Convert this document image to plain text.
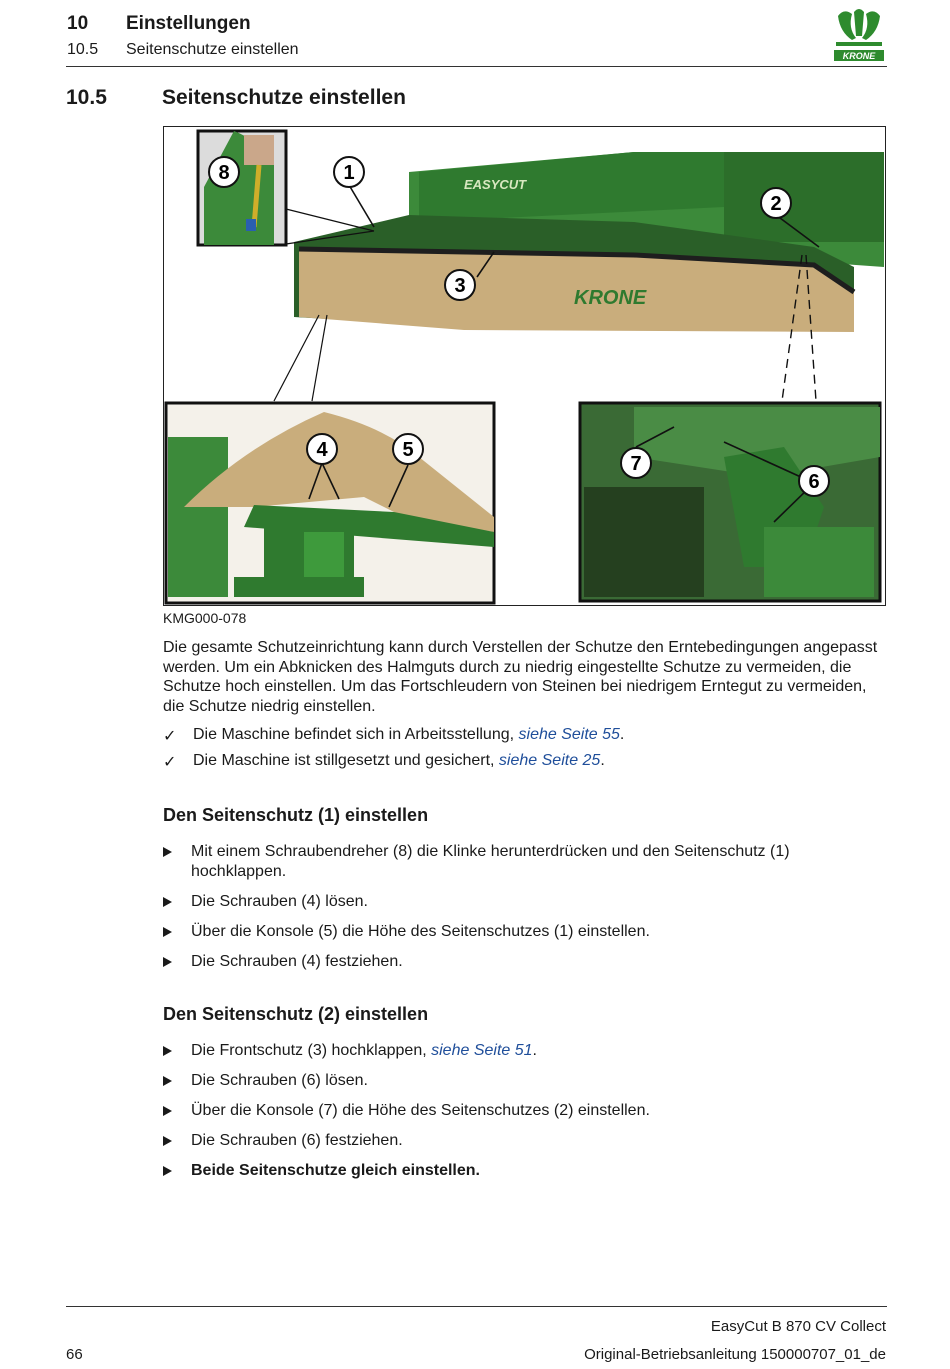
10 Einstellungen
10.5 Seitenschutze einstellen	KRONE
10.5	Seitenschutze einstellen
KRONE
EASYCUT
8	1
2
3
4	5
6
7
KMG000-078
Die gesamte Schutzeinrichtung kann durch Verstellen der Schutze den Erntebedingungen angepasst werden. Um ein Abknicken des Halmguts durch zu niedrig eingestellte Schutze zu vermeiden, die Schutze hoch einstellen. Um das Fortschleudern von Steinen bei niedrigem Erntegut zu vermeiden, die Schutze niedrig einstellen.
✓	Die Maschine befindet sich in Arbeitsstellung, siehe Seite 55.
✓	Die Maschine ist stillgesetzt und gesichert, siehe Seite 25.
Den Seitenschutz (1) einstellen
Mit einem Schraubendreher (8) die Klinke herunterdrücken und den Seitenschutz (1) hochklappen.
Die Schrauben (4) lösen.
Über die Konsole (5) die Höhe des Seitenschutzes (1) einstellen.
Die Schrauben (4) festziehen.
Den Seitenschutz (2) einstellen
Die Frontschutz (3) hochklappen, siehe Seite 51.
Die Schrauben (6) lösen.
Über die Konsole (7) die Höhe des Seitenschutzes (2) einstellen.
Die Schrauben (6) festziehen.
Beide Seitenschutze gleich einstellen.
EasyCut B 870 CV Collect
66	Original-Betriebsanleitung 150000707_01_de
